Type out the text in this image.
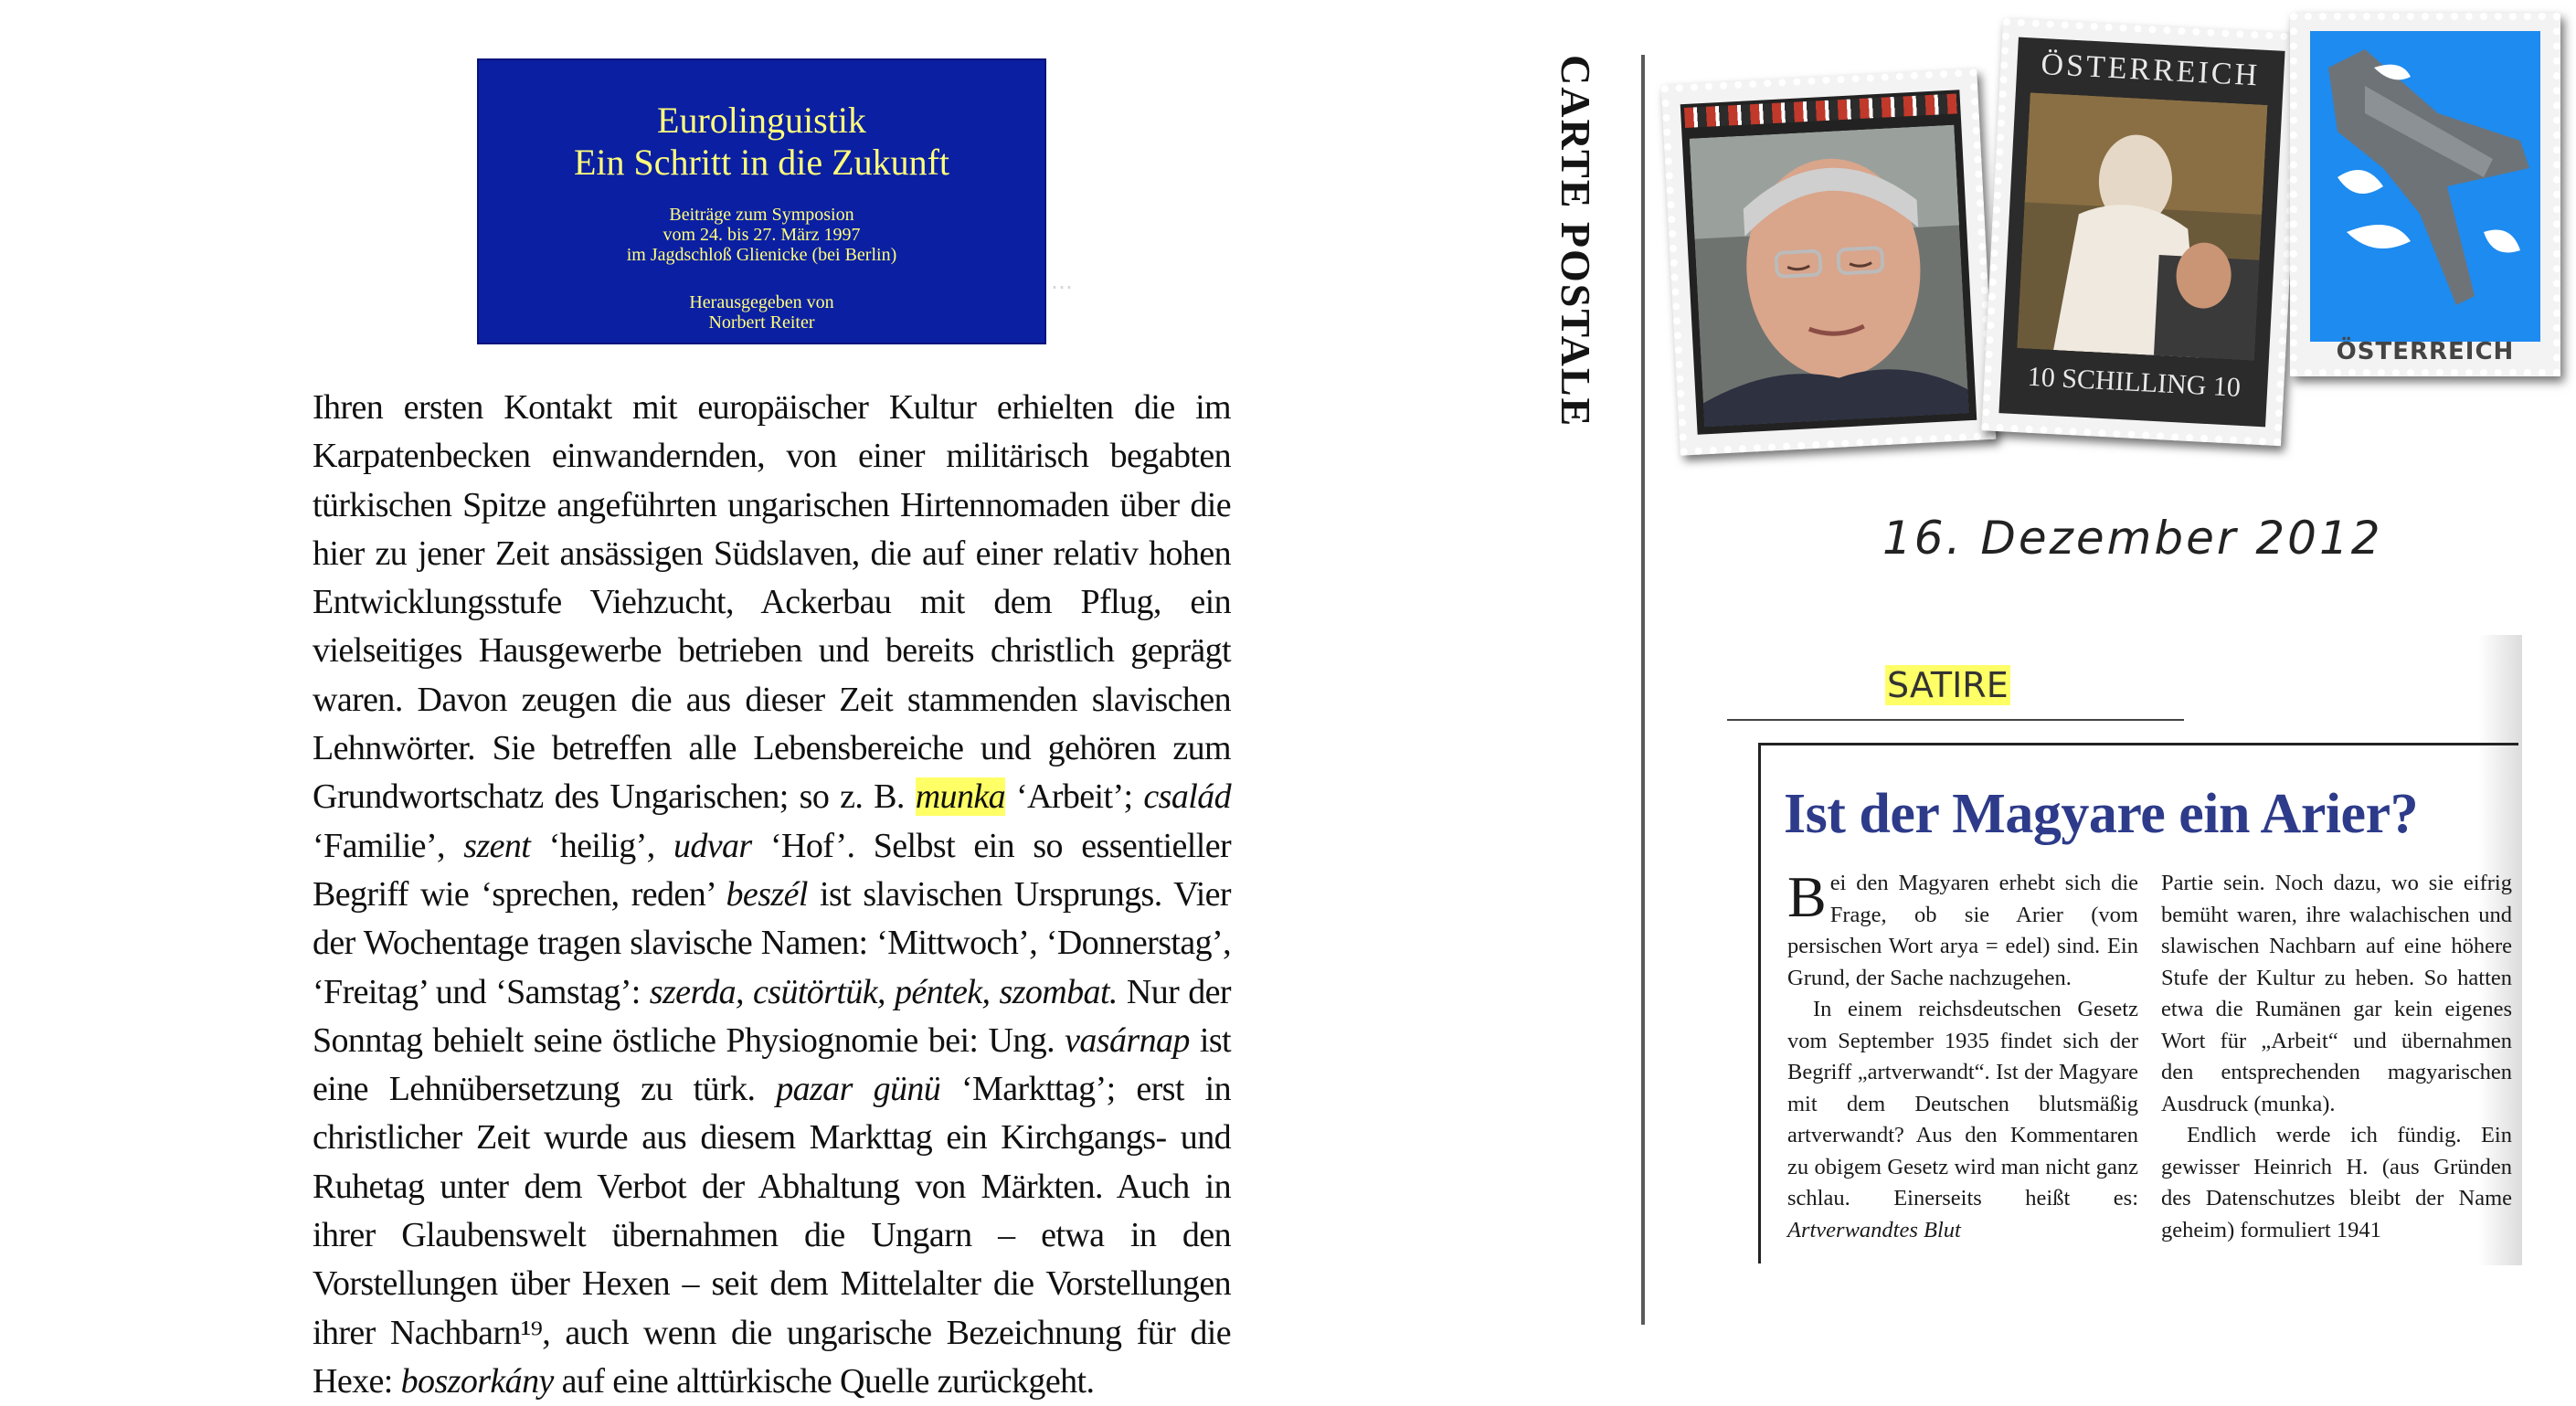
Eurolinguistik
Ein Schritt in die Zukunft
Beiträge zum Symposion
vom 24. bis 27. März 1997
im Jagdschloß Glienicke (bei Berlin)
Herausgegeben von
Norbert Reiter
⋯
Ihren ersten Kontakt mit europäischer Kultur erhielten die im Karpatenbecken einwandernden, von einer militärisch begabten türkischen Spitze angeführten ungarischen Hirtennomaden über die hier zu jener Zeit ansässigen Südslaven, die auf einer relativ hohen Entwicklungsstufe Viehzucht, Ackerbau mit dem Pflug, ein vielseitiges Hausgewerbe betrieben und bereits christlich geprägt waren. Davon zeugen die aus dieser Zeit stammenden slavischen Lehnwörter. Sie betreffen alle Lebensbereiche und gehören zum Grundwortschatz des Ungarischen; so z. B. munka ‘Arbeit’; család ‘Familie’, szent ‘heilig’, udvar ‘Hof’. Selbst ein so essentieller Begriff wie ‘sprechen, reden’ beszél ist slavischen Ursprungs. Vier der Wochentage tragen slavische Namen: ‘Mittwoch’, ‘Donnerstag’, ‘Freitag’ und ‘Samstag’: szerda, csütörtük, péntek, szombat. Nur der Sonntag behielt seine östliche Physiognomie bei: Ung. vasárnap ist eine Lehnübersetzung zu türk. pazar günü ‘Markttag’; erst in christlicher Zeit wurde aus diesem Markttag ein Kirchgangs- und Ruhetag unter dem Verbot der Abhaltung von Märkten. Auch in ihrer Glaubenswelt übernahmen die Ungarn – etwa in den Vorstellungen über Hexen – seit dem Mittelalter die Vorstellungen ihrer Nachbarn¹⁹, auch wenn die ungarische Bezeichnung für die Hexe: boszorkány auf eine alttürkische Quelle zurückgeht.
CARTE POSTALE	ÖSTERREICH
10 SCHILLING 10
ÖSTERREICH
16. Dezember 2012
SATIRE
Ist der Magyare ein Arier?

Bei den Magyaren erhebt sich die Frage, ob sie Arier (vom persischen Wort arya = edel) sind. Ein Grund, der Sache nachzugehen.

In einem reichsdeutschen Gesetz vom September 1935 findet sich der Begriff „artverwandt“. Ist der Magyare mit dem Deutschen blutsmäßig artverwandt? Aus den Kommentaren zu obigem Gesetz wird man nicht ganz schlau. Einerseits heißt es: Artverwandtes Blut

Partie sein. Noch dazu, wo sie eifrig bemüht waren, ihre walachischen und slawischen Nachbarn auf eine höhere Stufe der Kultur zu heben. So hatten etwa die Rumänen gar kein eigenes Wort für „Arbeit“ und übernahmen den entsprechenden magyarischen Ausdruck (munka).

Endlich werde ich fündig. Ein gewisser Heinrich H. (aus Gründen des Datenschutzes bleibt der Name geheim) formuliert 1941
